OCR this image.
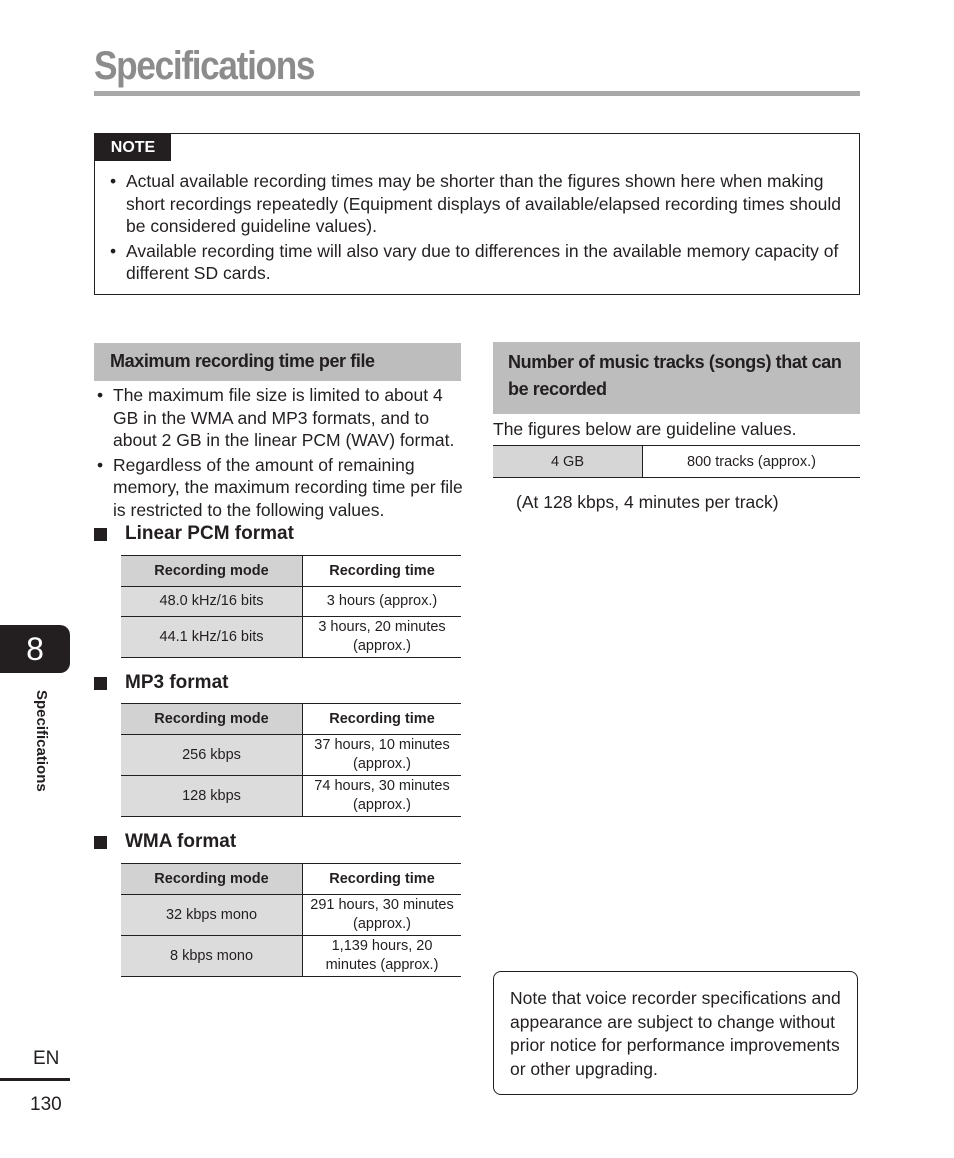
Specifications
NOTE
• Actual available recording times may be shorter than the figures shown here when making short recordings repeatedly (Equipment displays of available/elapsed recording times should be considered guideline values).
• Available recording time will also vary due to differences in the available memory capacity of different SD cards.
Maximum recording time per file
• The maximum file size is limited to about 4 GB in the WMA and MP3 formats, and to about 2 GB in the linear PCM (WAV) format.
• Regardless of the amount of remaining memory, the maximum recording time per file is restricted to the following values.
Linear PCM format
Recording mode	Recording time
48.0 kHz/16 bits	3 hours (approx.)
44.1 kHz/16 bits	3 hours, 20 minutes (approx.)
MP3 format
Recording mode	Recording time
256 kbps	37 hours, 10 minutes (approx.)
128 kbps	74 hours, 30 minutes (approx.)
WMA format
Recording mode	Recording time
32 kbps mono	291 hours, 30 minutes (approx.)
8 kbps mono	1,139 hours, 20 minutes (approx.)
Number of music tracks (songs) that can be recorded
The figures below are guideline values.
4 GB	800 tracks (approx.)
(At 128 kbps, 4 minutes per track)
Note that voice recorder specifications and appearance are subject to change without prior notice for performance improvements or other upgrading.
8
Specifications
EN
130
